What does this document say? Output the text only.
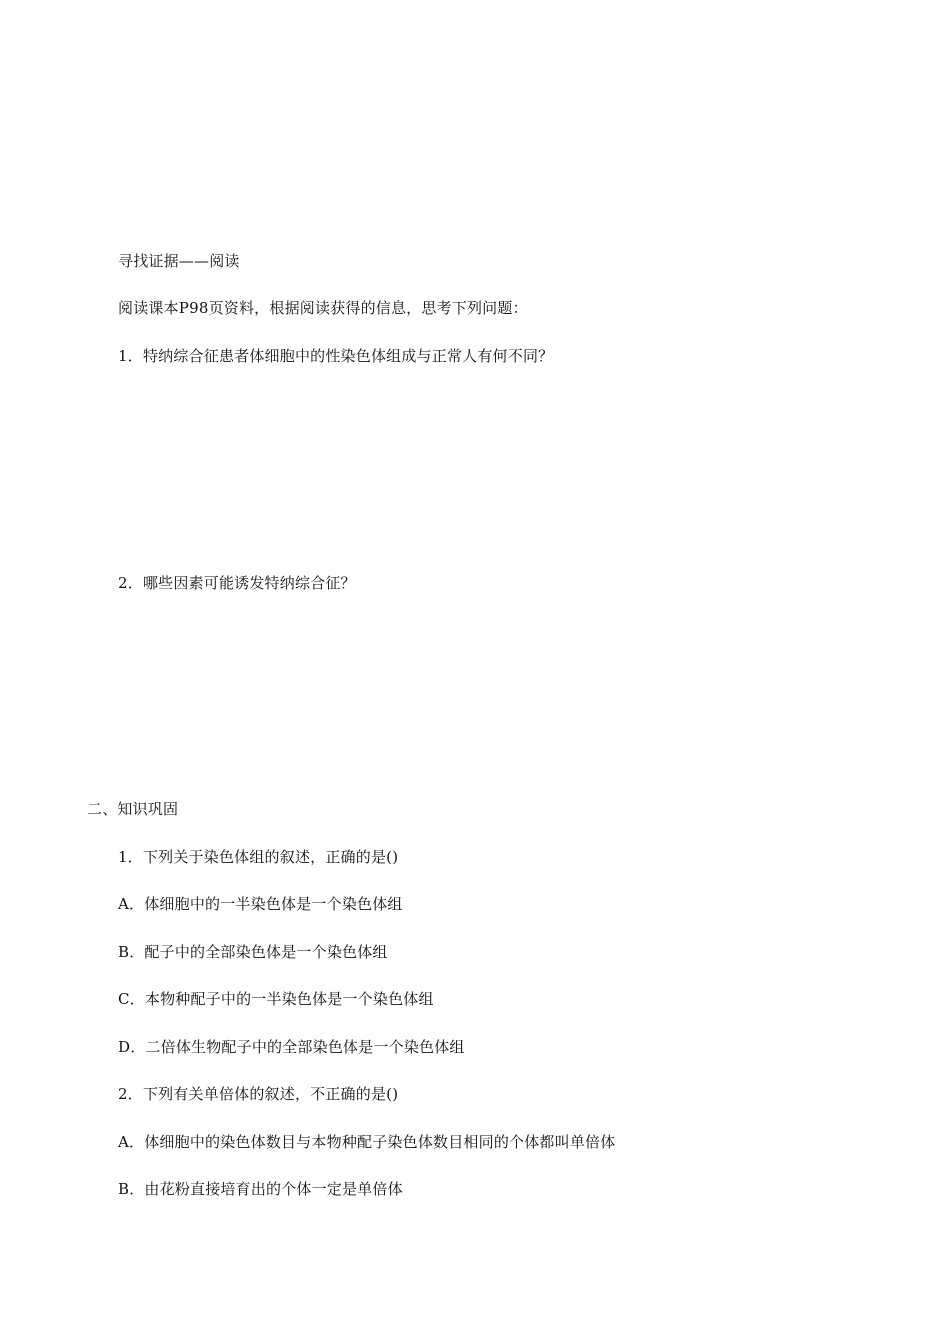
寻找证据——阅读
阅读课本P98页资料，根据阅读获得的信息，思考下列问题：
1．特纳综合征患者体细胞中的性染色体组成与正常人有何不同？
2．哪些因素可能诱发特纳综合征？
二、知识巩固
1．下列关于染色体组的叙述，正确的是()
A．体细胞中的一半染色体是一个染色体组
B．配子中的全部染色体是一个染色体组
C．本物种配子中的一半染色体是一个染色体组
D．二倍体生物配子中的全部染色体是一个染色体组
2．下列有关单倍体的叙述，不正确的是()
A．体细胞中的染色体数目与本物种配子染色体数目相同的个体都叫单倍体
B．由花粉直接培育出的个体一定是单倍体
